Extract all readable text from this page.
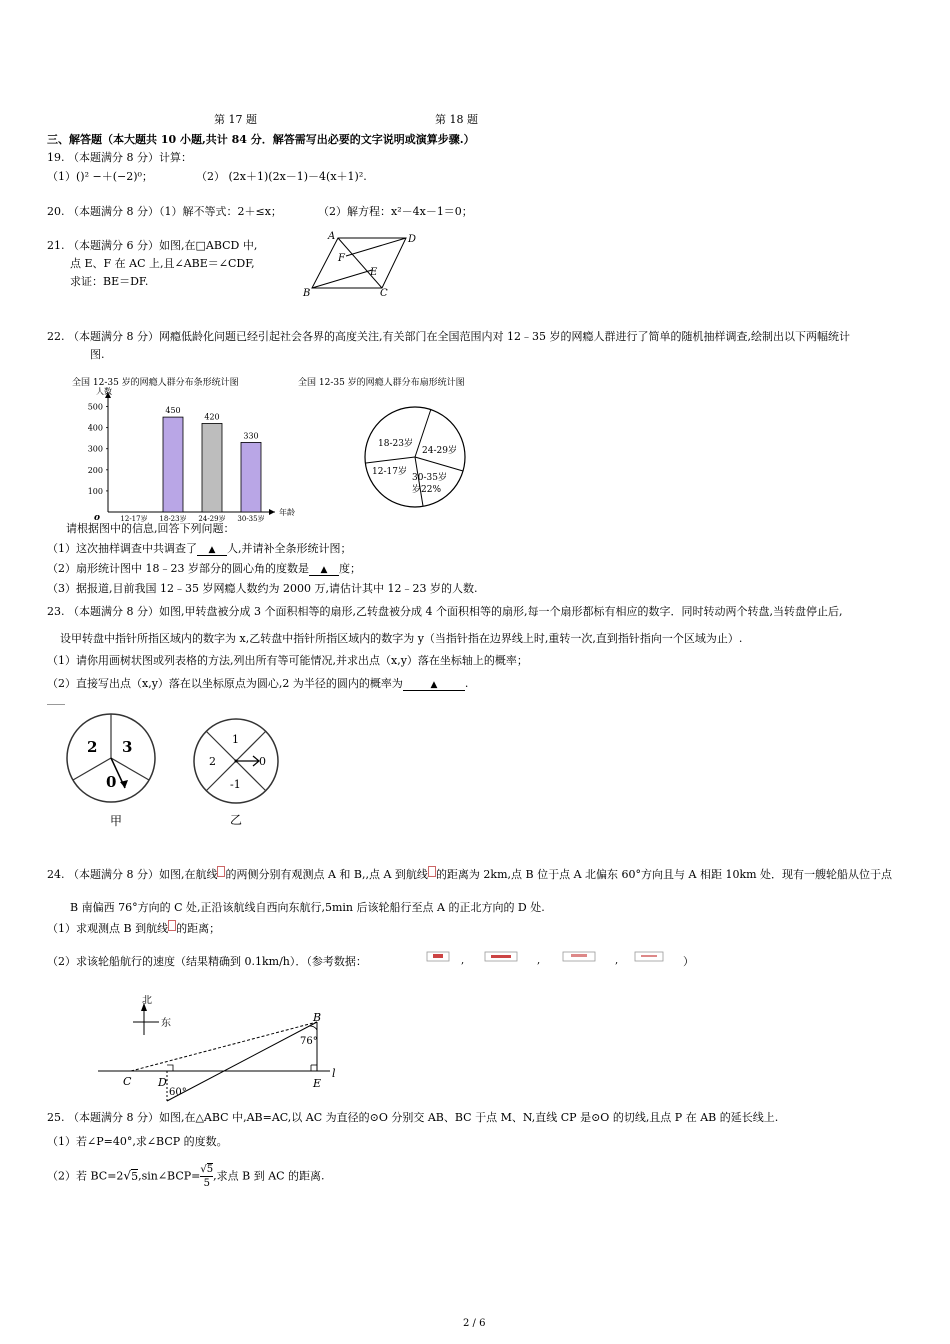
第 17 题	第 18 题
三、解答题（本大题共 10 小题,共计 84 分．解答需写出必要的文字说明或演算步骤.）
19. （本题满分 8 分）计算：
（1）()² −＋(−2)⁰；	（2） (2x＋1)(2x－1)－4(x＋1)².
20. （本题满分 8 分）（1）解不等式：2＋≤x；	（2）解方程：x²－4x－1＝0；
21. （本题满分 6 分）如图,在□ABCD 中,
点 E、F 在 AC 上,且∠ABE＝∠CDF,
求证：BE＝DF.
A	D
B	C
E
F
22. （本题满分 8 分）网瘾低龄化问题已经引起社会各界的高度关注,有关部门在全国范围内对 12﹣35 岁的网瘾人群进行了简单的随机抽样调查,绘制出以下两幅统计
图.
全国 12-35 岁的网瘾人群分布条形统计图	全国 12-35 岁的网瘾人群分布扇形统计图
人数
年龄
o
100
200
300
400
500
12-17岁 18-23岁
450
24-29岁
420
30-35岁
330
18-23岁
24-29岁
30-35岁
12-17岁
岁22%
请根据图中的信息,回答下列问题：
（1）这次抽样调查中共调查了 ▲ 人,并请补全条形统计图；
（2）扇形统计图中 18﹣23 岁部分的圆心角的度数是 ▲ 度；
（3）据报道,目前我国 12﹣35 岁网瘾人数约为 2000 万,请估计其中 12﹣23 岁的人数.
23. （本题满分 8 分）如图,甲转盘被分成 3 个面积相等的扇形,乙转盘被分成 4 个面积相等的扇形,每一个扇形都标有相应的数字．同时转动两个转盘,当转盘停止后,
设甲转盘中指针所指区域内的数字为 x,乙转盘中指针所指区域内的数字为 y（当指针指在边界线上时,重转一次,直到指针指向一个区域为止）.
（1）请你用画树状图或列表格的方法,列出所有等可能情况,并求出点（x,y）落在坐标轴上的概率；
（2）直接写出点（x,y）落在以坐标原点为圆心,2 为半径的圆内的概率为	▲	.
2 3
0
甲
1
2	0
-1
乙
24. （本题满分 8 分）如图,在航线 的两侧分别有观测点 A 和 B,,点 A 到航线 的距离为 2km,点 B 位于点 A 北偏东 60°方向且与 A 相距 10km 处．现有一艘轮船从位于点
B 南偏西 76°方向的 C 处,正沿该航线自西向东航行,5min 后该轮船行至点 A 的正北方向的 D 处.
（1）求观测点 B 到航线 的距离；
（2）求该轮船航行的速度（结果精确到 0.1km/h）．（参考数据：	,	,	,	）
北
东	B
C D	E
l
76°
60°
25. （本题满分 8 分）如图,在△ABC 中,AB=AC,以 AC 为直径的⊙O 分别交 AB、BC 于点 M、N,直线 CP 是⊙O 的切线,且点 P 在 AB 的延长线上.
（1）若∠P=40°,求∠BCP 的度数。
（2）若 BC=2√5,sin∠BCP= $\frac{√5}{5}$ ,求点 B 到 AC 的距离.
2 / 6
